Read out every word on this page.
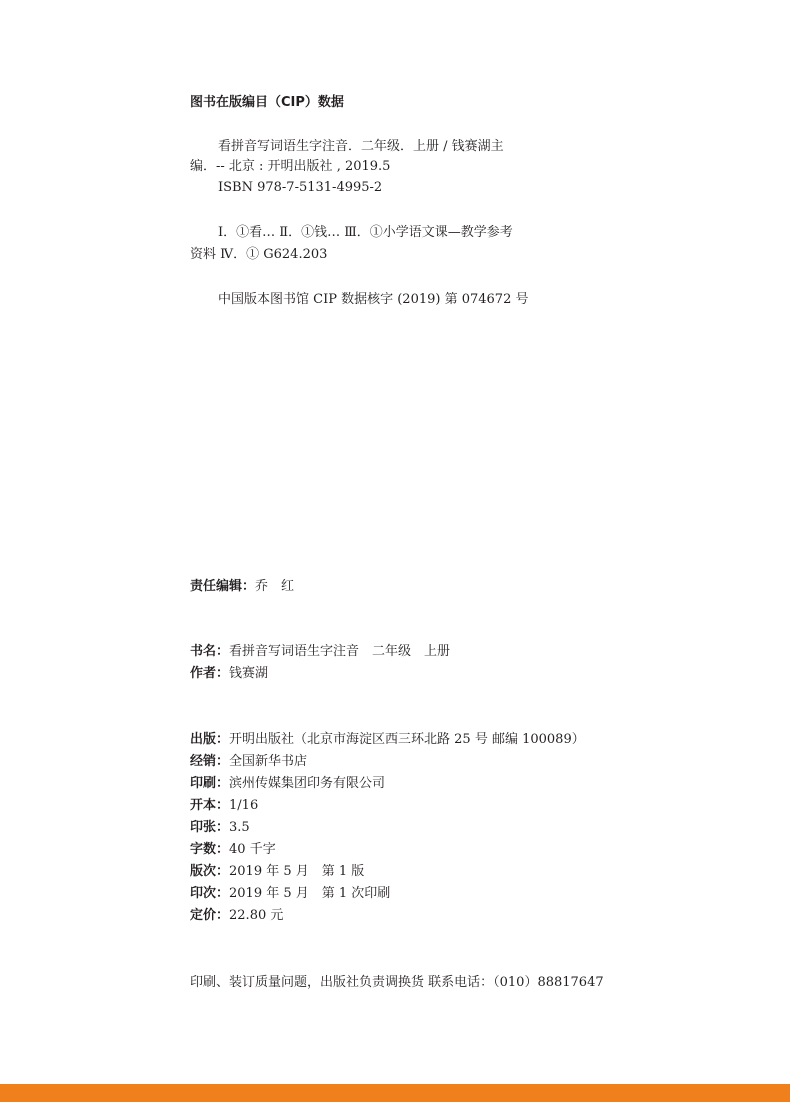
图书在版编目（CIP）数据
看拼音写词语生字注音．二年级．上册 / 钱赛湖主
编．-- 北京 : 开明出版社 , 2019.5
ISBN 978-7-5131-4995-2
Ⅰ．①看… Ⅱ．①钱… Ⅲ．①小学语文课—教学参考
资料 Ⅳ．① G624.203
中国版本图书馆 CIP 数据核字 (2019) 第 074672 号
责任编辑：乔　红
书名：看拼音写词语生字注音　二年级　上册
作者：钱赛湖
出版：开明出版社（北京市海淀区西三环北路 25 号 邮编 100089）
经销：全国新华书店
印刷：滨州传媒集团印务有限公司
开本：1/16
印张：3.5
字数：40 千字
版次：2019 年 5 月　第 1 版
印次：2019 年 5 月　第 1 次印刷
定价：22.80 元
印刷、装订质量问题，出版社负责调换货 联系电话：（010）88817647
